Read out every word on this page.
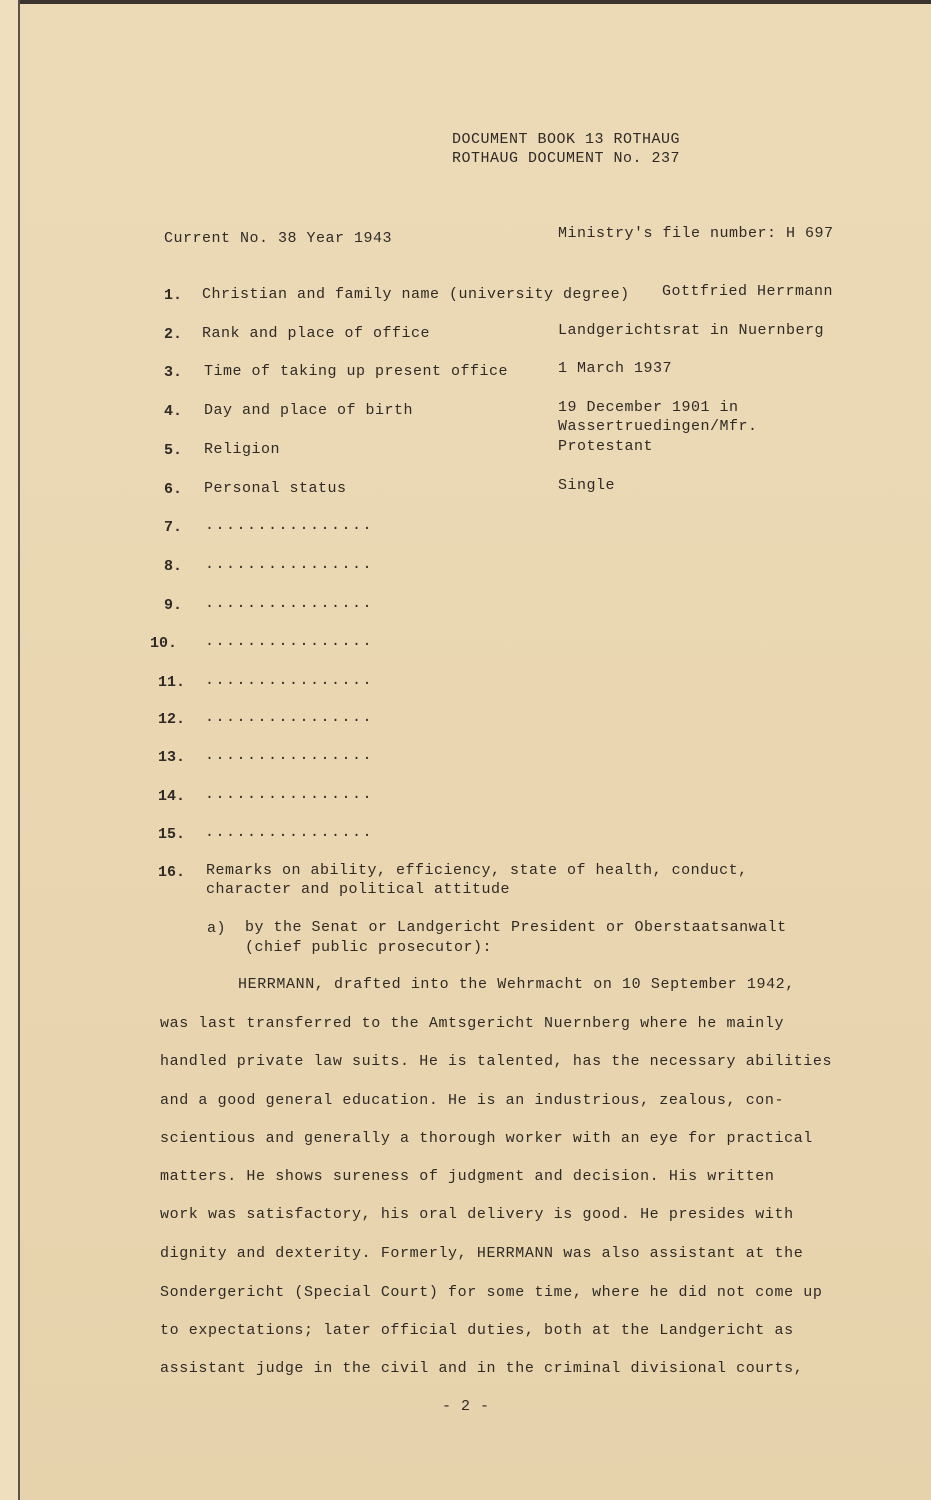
DOCUMENT BOOK 13 ROTHAUG
ROTHAUG DOCUMENT No. 237
Current No. 38 Year 1943	Ministry's file number: H 697
1. Christian and family name (university degree) Gottfried Herrmann
2. Rank and place of office	Landgerichtsrat in Nuernberg
3. Time of taking up present office	1 March 1937
4. Day and place of birth	19 December 1901 in
Wassertruedingen/Mfr.
5. Religion	Protestant
6. Personal status	Single
7. ................
8. ................
9. ................
10. ................
11. ................
12. ................
13. ................
14. ................
15. ................
16. Remarks on ability, efficiency, state of health, conduct,
character and political attitude
a) by the Senat or Landgericht President or Oberstaatsanwalt
(chief public prosecutor):
HERRMANN, drafted into the Wehrmacht on 10 September 1942,
was last transferred to the Amtsgericht Nuernberg where he mainly
handled private law suits. He is talented, has the necessary abilities
and a good general education. He is an industrious, zealous, con-
scientious and generally a thorough worker with an eye for practical
matters. He shows sureness of judgment and decision. His written
work was satisfactory, his oral delivery is good. He presides with
dignity and dexterity. Formerly, HERRMANN was also assistant at the
Sondergericht (Special Court) for some time, where he did not come up
to expectations; later official duties, both at the Landgericht as
assistant judge in the civil and in the criminal divisional courts,
- 2 -
